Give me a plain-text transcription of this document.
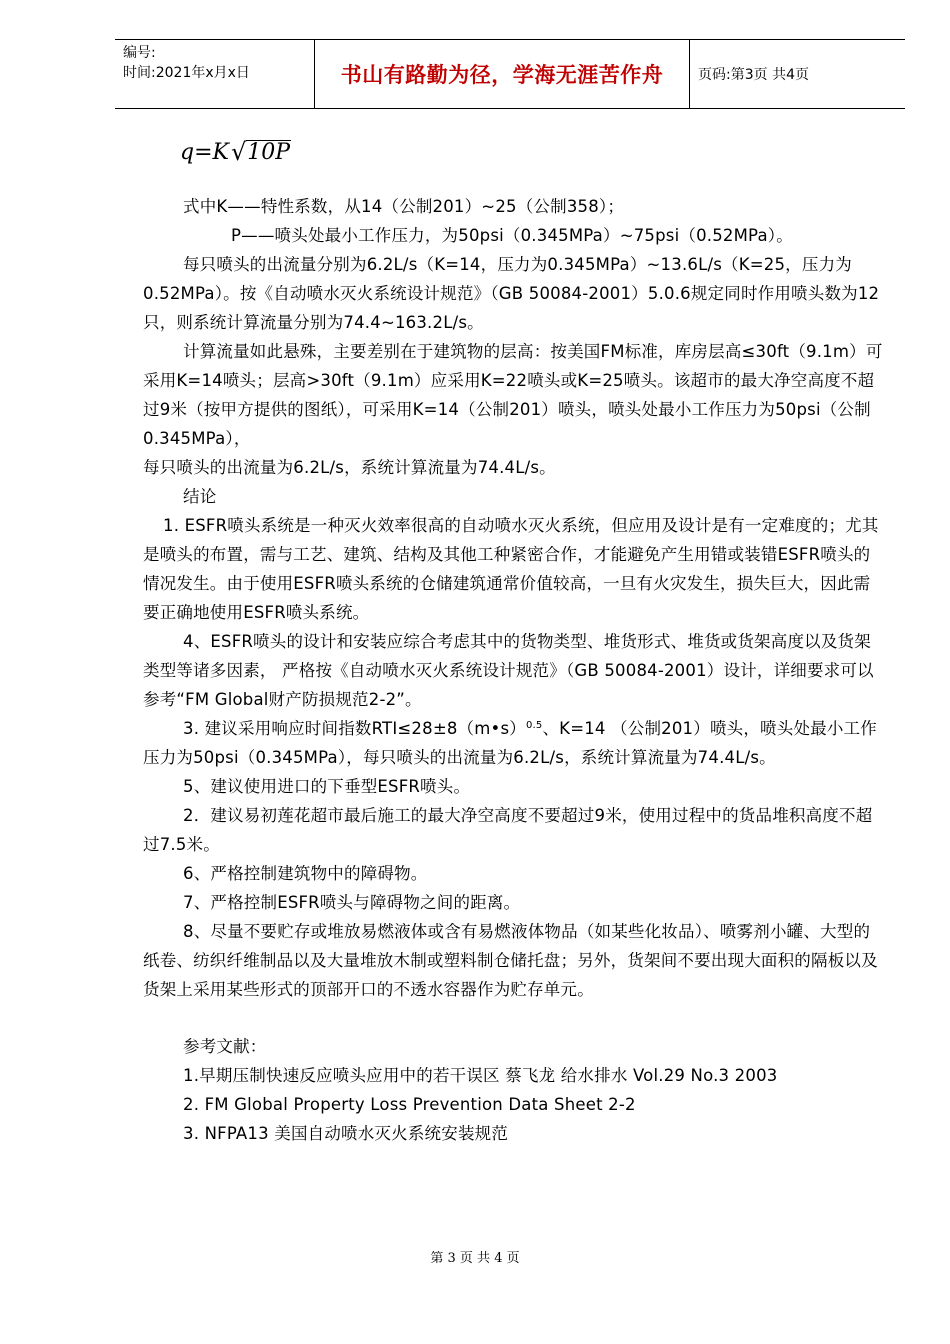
编号:
时间:2021年x月x日	书山有路勤为径，学海无涯苦作舟	页码:第3页 共4页
q=K √ 10P

式中K——特性系数，从14（公制201）~25（公制358）；

P——喷头处最小工作压力，为50psi（0.345MPa）~75psi（0.52MPa）。

每只喷头的出流量分别为6.2L/s（K=14，压力为0.345MPa）~13.6L/s（K=25，压力为0.52MPa）。按《自动喷水灭火系统设计规范》（GB 50084-2001）5.0.6规定同时作用喷头数为12只，则系统计算流量分别为74.4~163.2L/s。

计算流量如此悬殊，主要差别在于建筑物的层高：按美国FM标准，库房层高≤30ft（9.1m）可采用K=14喷头；层高>30ft（9.1m）应采用K=22喷头或K=25喷头。该超市的最大净空高度不超过9米（按甲方提供的图纸），可采用K=14（公制201）喷头，喷头处最小工作压力为50psi（公制0.345MPa），

每只喷头的出流量为6.2L/s，系统计算流量为74.4L/s。

结论

1. ESFR喷头系统是一种灭火效率很高的自动喷水灭火系统，但应用及设计是有一定难度的；尤其是喷头的布置，需与工艺、建筑、结构及其他工种紧密合作，才能避免产生用错或装错ESFR喷头的情况发生。由于使用ESFR喷头系统的仓储建筑通常价值较高，一旦有火灾发生，损失巨大，因此需要正确地使用ESFR喷头系统。

4、ESFR喷头的设计和安装应综合考虑其中的货物类型、堆货形式、堆货或货架高度以及货架类型等诸多因素， 严格按《自动喷水灭火系统设计规范》（GB 50084-2001）设计，详细要求可以参考“FM Global财产防损规范2-2”。

3. 建议采用响应时间指数RTI≤28±8（m•s）$^{0.5}$、K=14 （公制201）喷头，喷头处最小工作压力为50psi（0.345MPa），每只喷头的出流量为6.2L/s，系统计算流量为74.4L/s。

5、建议使用进口的下垂型ESFR喷头。

2．建议易初莲花超市最后施工的最大净空高度不要超过9米，使用过程中的货品堆积高度不超过7.5米。

6、严格控制建筑物中的障碍物。

7、严格控制ESFR喷头与障碍物之间的距离。

8、尽量不要贮存或堆放易燃液体或含有易燃液体物品（如某些化妆品）、喷雾剂小罐、大型的纸卷、纺织纤维制品以及大量堆放木制或塑料制仓储托盘；另外，货架间不要出现大面积的隔板以及货架上采用某些形式的顶部开口的不透水容器作为贮存单元。

参考文献：

1.早期压制快速反应喷头应用中的若干误区 蔡飞龙 给水排水 Vol.29 No.3 2003

2. FM Global Property Loss Prevention Data Sheet 2-2

3. NFPA13 美国自动喷水灭火系统安装规范

第 3 页 共 4 页
